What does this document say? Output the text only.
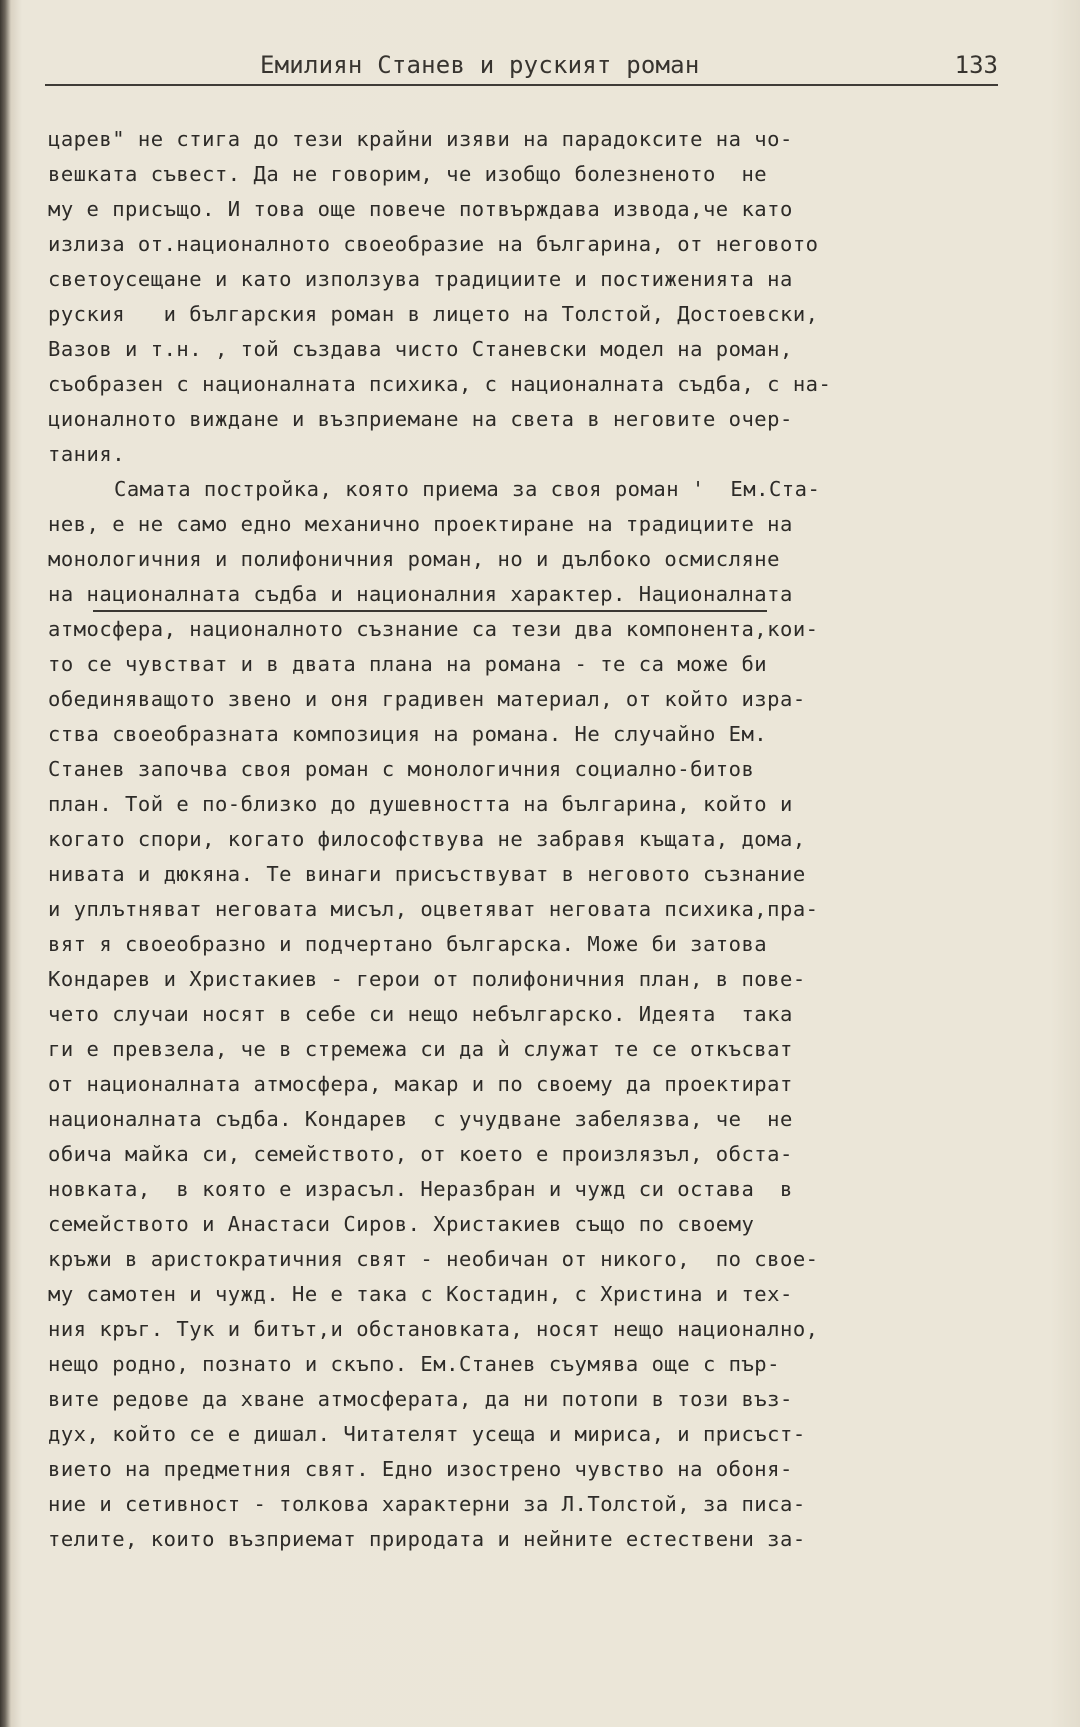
Емилиян Станев и руският роман	133
царев" не стига до тези крайни изяви на парадоксите на чо-
вешката съвест. Да не говорим, че изобщо болезненото  не
му е присъщо. И това още повече потвърждава извода,че като
излиза от.националното своеобразие на българина, от неговото
светоусещане и като използува традициите и постиженията на
руския   и българския роман в лицето на Толстой, Достоевски,
Вазов и т.н. , той създава чисто Станевски модел на роман,
съобразен с националната психика, с националната съдба, с на-
ционалното виждане и възприемане на света в неговите очер-
тания.
Самата постройка, която приема за своя роман '  Ем.Ста-
нев, е не само едно механично проектиране на традициите на
монологичния и полифоничния роман, но и дълбоко осмисляне
на националната съдба и националния характер. Националната
атмосфера, националното съзнание са тези два компонента,кои-
то се чувстват и в двата плана на романа - те са може би
обединяващото звено и оня градивен материал, от който изра-
ства своеобразната композиция на романа. Не случайно Ем.
Станев започва своя роман с монологичния социално-битов
план. Той е по-близко до душевността на българина, който и
когато спори, когато философствува не забравя къщата, дома,
нивата и дюкяна. Те винаги присъствуват в неговото съзнание
и уплътняват неговата мисъл, оцветяват неговата психика,пра-
вят я своеобразно и подчертано българска. Може би затова
Кондарев и Христакиев - герои от полифоничния план, в пове-
чето случаи носят в себе си нещо небългарско. Идеята  така
ги е превзела, че в стремежа си да ѝ служат те се откъсват
от националната атмосфера, макар и по своему да проектират
националната съдба. Кондарев  с учудване забелязва, че  не
обича майка си, семейството, от което е произлязъл, обста-
новката,  в която е израсъл. Неразбран и чужд си остава  в
семейството и Анастаси Сиров. Христакиев също по своему
кръжи в аристократичния свят - необичан от никого,  по свое-
му самотен и чужд. Не е така с Костадин, с Христина и тех-
ния кръг. Тук и битът,и обстановката, носят нещо национално,
нещо родно, познато и скъпо. Ем.Станев съумява още с пър-
вите редове да хване атмосферата, да ни потопи в този въз-
дух, който се е дишал. Читателят усеща и мириса, и присъст-
вието на предметния свят. Едно изострено чувство на обоня-
ние и сетивност - толкова характерни за Л.Толстой, за писа-
телите, които възприемат природата и нейните естествени за-
